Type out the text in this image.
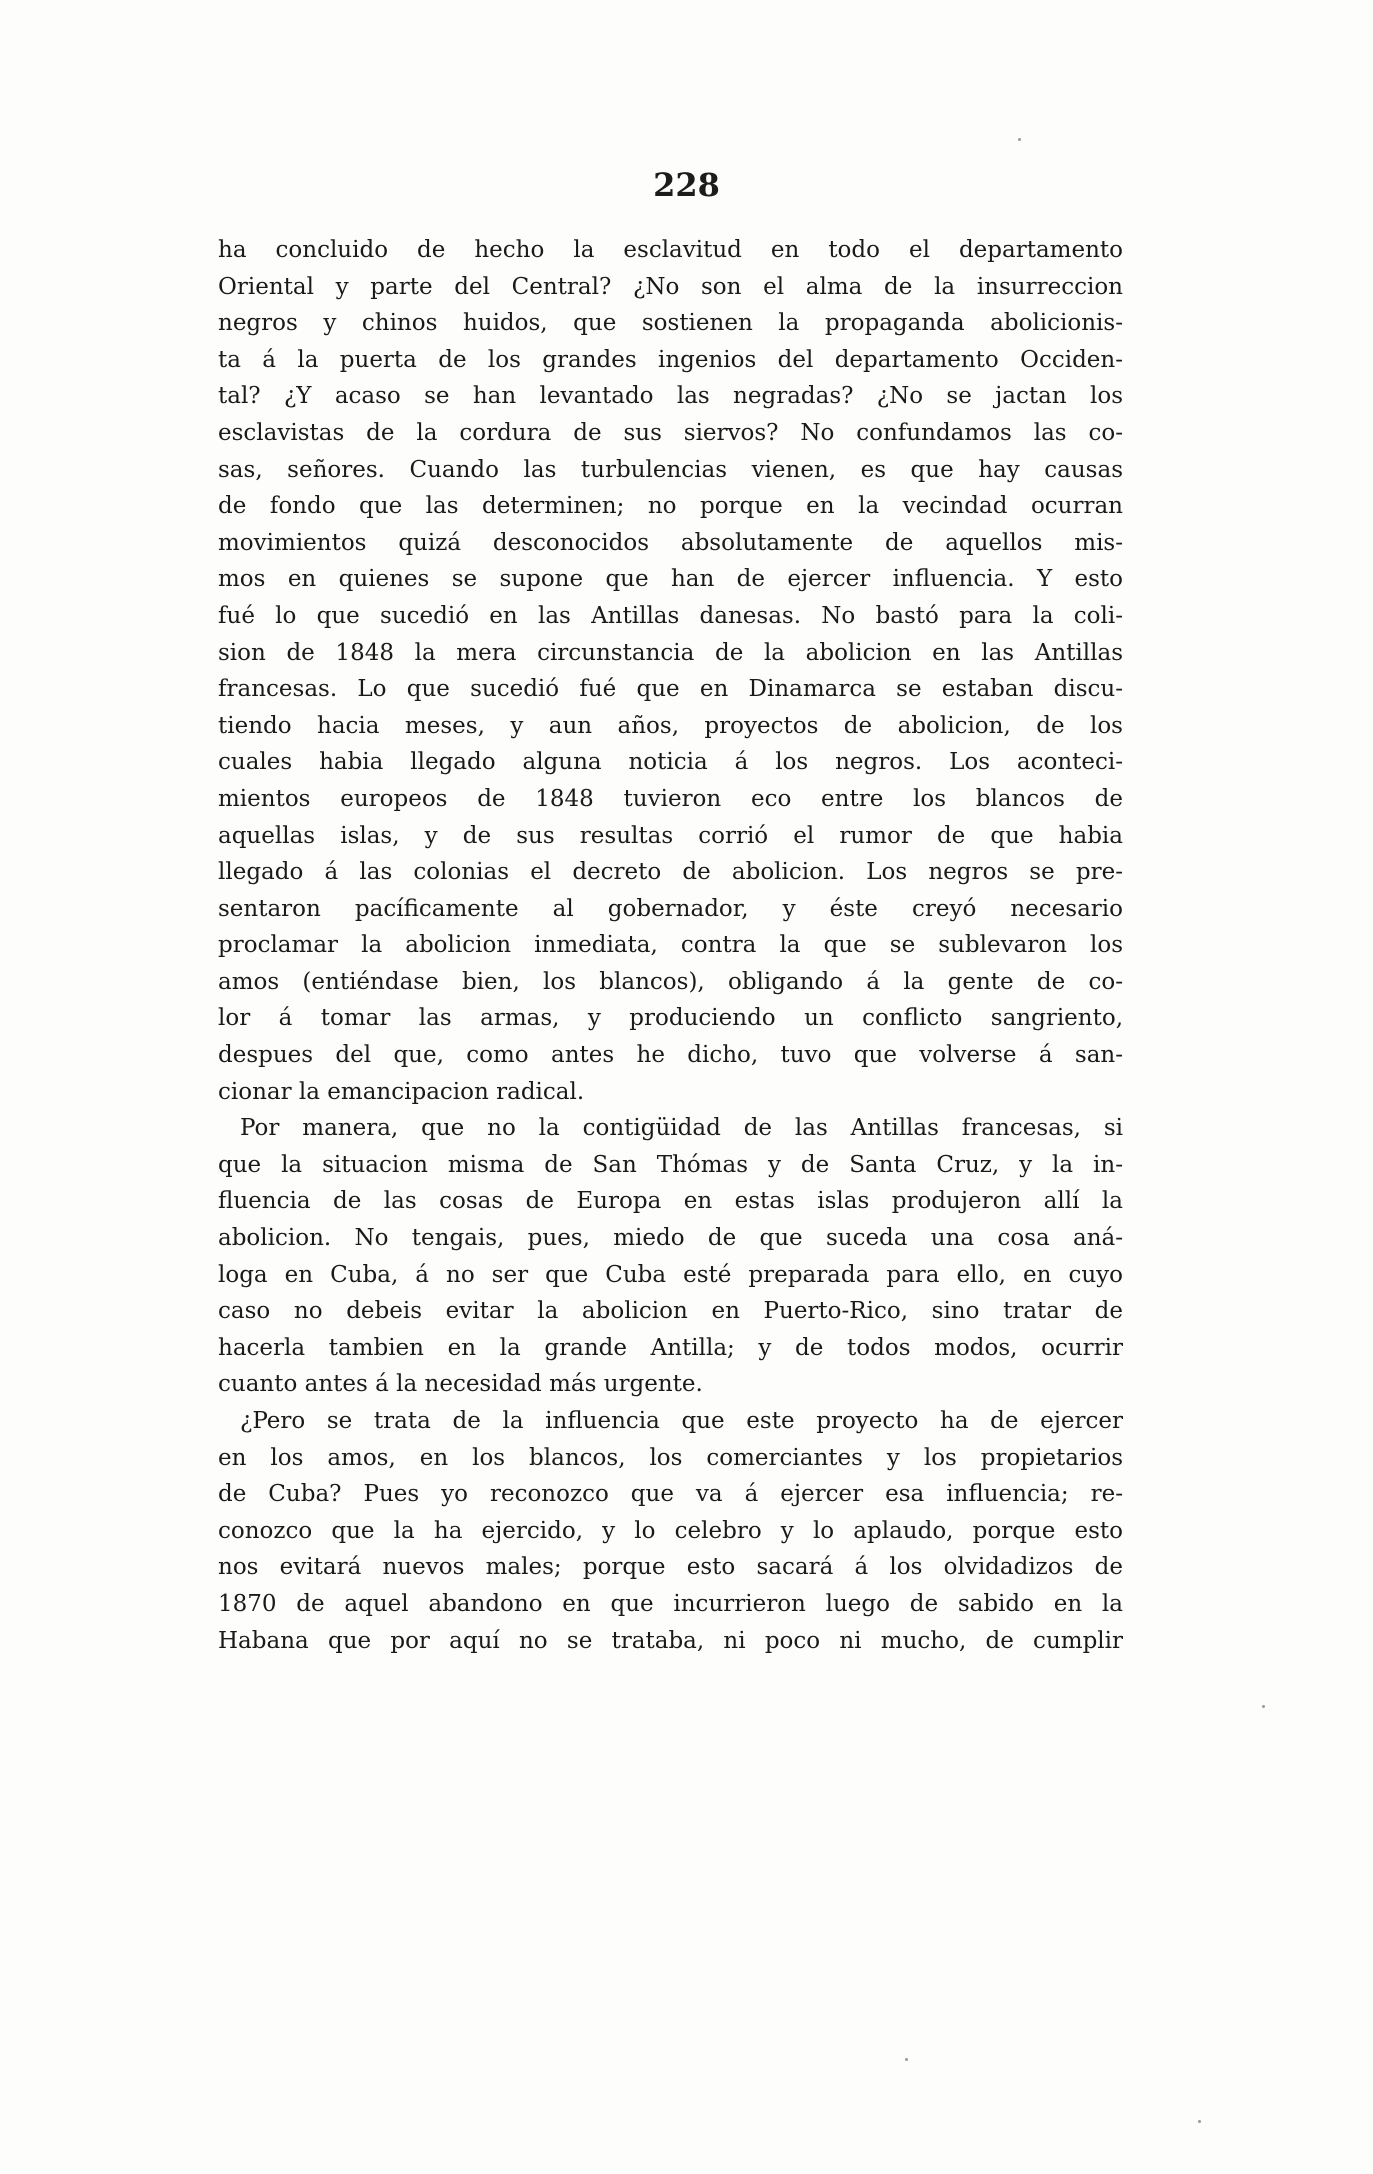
228
ha concluido de hecho la esclavitud en todo el departamento
Oriental y parte del Central? ¿No son el alma de la insurreccion
negros y chinos huidos, que sostienen la propaganda abolicionis-
ta á la puerta de los grandes ingenios del departamento Occiden-
tal? ¿Y acaso se han levantado las negradas? ¿No se jactan los
esclavistas de la cordura de sus siervos? No confundamos las co-
sas, señores. Cuando las turbulencias vienen, es que hay causas
de fondo que las determinen; no porque en la vecindad ocurran
movimientos quizá desconocidos absolutamente de aquellos mis-
mos en quienes se supone que han de ejercer influencia. Y esto
fué lo que sucedió en las Antillas danesas. No bastó para la coli-
sion de 1848 la mera circunstancia de la abolicion en las Antillas
francesas. Lo que sucedió fué que en Dinamarca se estaban discu-
tiendo hacia meses, y aun años, proyectos de abolicion, de los
cuales habia llegado alguna noticia á los negros. Los aconteci-
mientos europeos de 1848 tuvieron eco entre los blancos de
aquellas islas, y de sus resultas corrió el rumor de que habia
llegado á las colonias el decreto de abolicion. Los negros se pre-
sentaron pacíficamente al gobernador, y éste creyó necesario
proclamar la abolicion inmediata, contra la que se sublevaron los
amos (entiéndase bien, los blancos), obligando á la gente de co-
lor á tomar las armas, y produciendo un conflicto sangriento,
despues del que, como antes he dicho, tuvo que volverse á san-
cionar la emancipacion radical.
Por manera, que no la contigüidad de las Antillas francesas, si
que la situacion misma de San Thómas y de Santa Cruz, y la in-
fluencia de las cosas de Europa en estas islas produjeron allí la
abolicion. No tengais, pues, miedo de que suceda una cosa aná-
loga en Cuba, á no ser que Cuba esté preparada para ello, en cuyo
caso no debeis evitar la abolicion en Puerto-Rico, sino tratar de
hacerla tambien en la grande Antilla; y de todos modos, ocurrir
cuanto antes á la necesidad más urgente.
¿Pero se trata de la influencia que este proyecto ha de ejercer
en los amos, en los blancos, los comerciantes y los propietarios
de Cuba? Pues yo reconozco que va á ejercer esa influencia; re-
conozco que la ha ejercido, y lo celebro y lo aplaudo, porque esto
nos evitará nuevos males; porque esto sacará á los olvidadizos de
1870 de aquel abandono en que incurrieron luego de sabido en la
Habana que por aquí no se trataba, ni poco ni mucho, de cumplir
